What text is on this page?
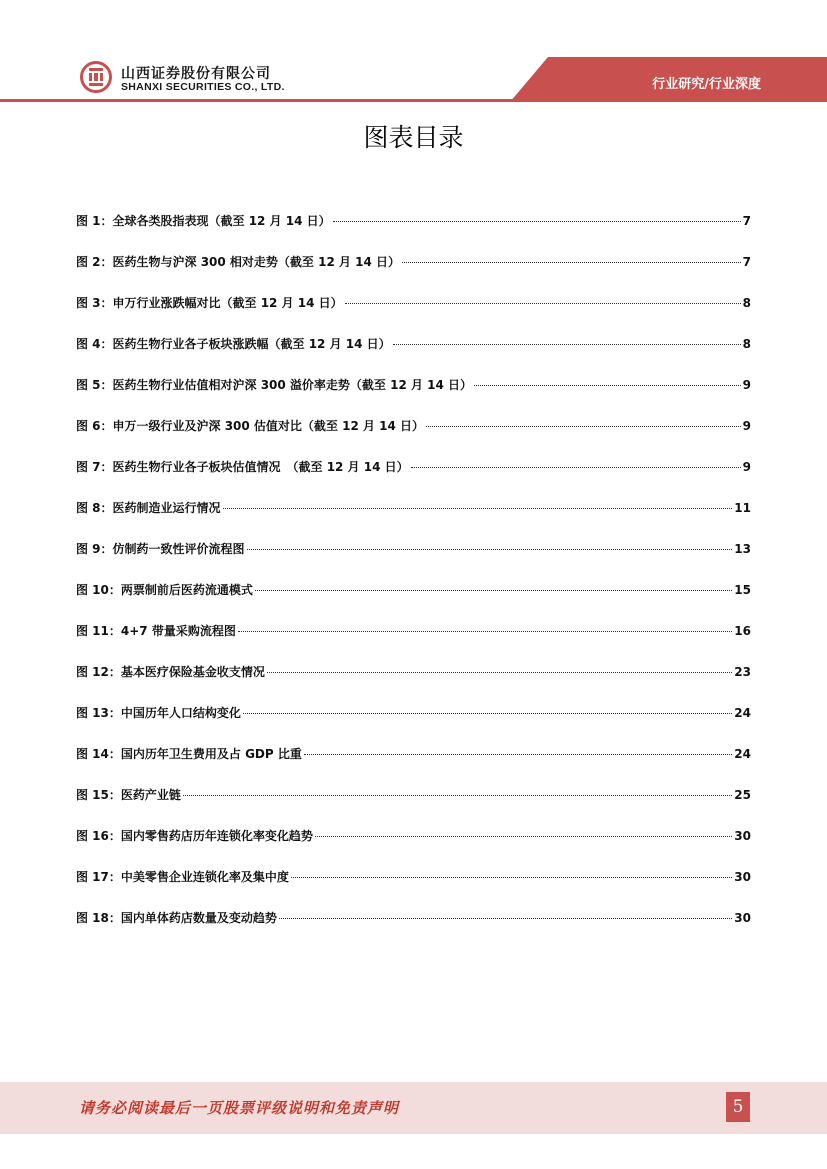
山西证券股份有限公司
SHANXI SECURITIES CO., LTD.	行业研究/行业深度
图表目录
图 1： 全球各类股指表现（截至 12 月 14 日）	7
图 2： 医药生物与沪深 300 相对走势（截至 12 月 14 日）	7
图 3： 申万行业涨跌幅对比（截至 12 月 14 日）	8
图 4： 医药生物行业各子板块涨跌幅（截至 12 月 14 日）	8
图 5： 医药生物行业估值相对沪深 300 溢价率走势（截至 12 月 14 日）	9
图 6： 申万一级行业及沪深 300 估值对比（截至 12 月 14 日）	9
图 7： 医药生物行业各子板块估值情况　（截至 12 月 14 日）	9
图 8： 医药制造业运行情况	11
图 9： 仿制药一致性评价流程图	13
图 10： 两票制前后医药流通模式	15
图 11： 4+7 带量采购流程图	16
图 12： 基本医疗保险基金收支情况	23
图 13： 中国历年人口结构变化	24
图 14： 国内历年卫生费用及占 GDP 比重	24
图 15： 医药产业链	25
图 16： 国内零售药店历年连锁化率变化趋势	30
图 17： 中美零售企业连锁化率及集中度	30
图 18： 国内单体药店数量及变动趋势	30
请务必阅读最后一页股票评级说明和免责声明	5
